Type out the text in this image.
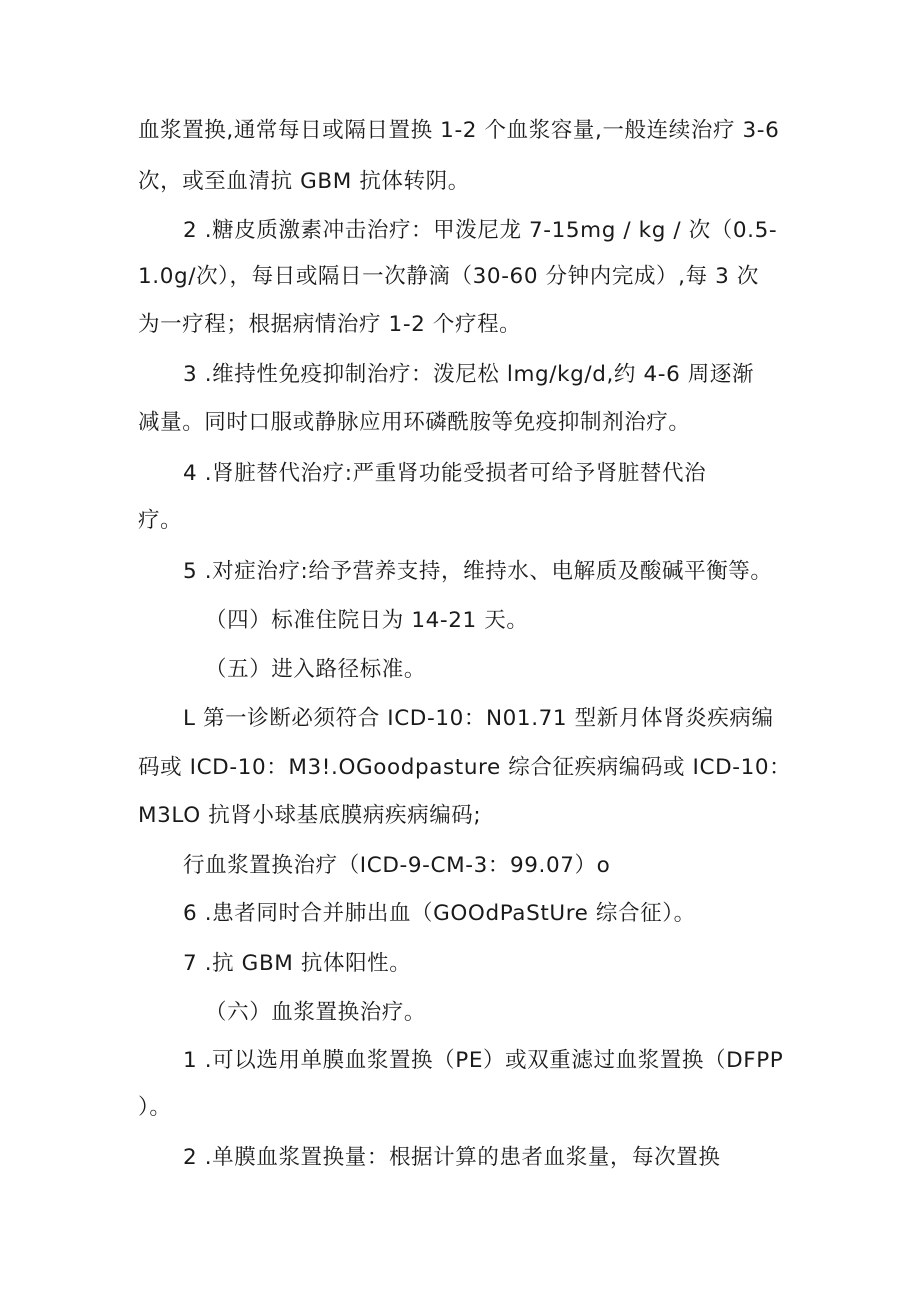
血浆置换,通常每日或隔日置换 1-2 个血浆容量,一般连续治疗 3-6
次，或至血清抗 GBM 抗体转阴。
2 .糖皮质激素冲击治疗：甲泼尼龙 7-15mg / kg / 次（0.5-
1.0g/次），每日或隔日一次静滴（30-60 分钟内完成）,每 3 次
为一疗程；根据病情治疗 1-2 个疗程。
3 .维持性免疫抑制治疗：泼尼松 lmg/kg/d,约 4-6 周逐渐
减量。同时口服或静脉应用环磷酰胺等免疫抑制剂治疗。
4 .肾脏替代治疗:严重肾功能受损者可给予肾脏替代治
疗。
5 .对症治疗:给予营养支持，维持水、电解质及酸碱平衡等。
（四）标准住院日为 14-21 天。
（五）进入路径标准。
L 第一诊断必须符合 ICD-10：N01.71 型新月体肾炎疾病编
码或 ICD-10：M3!.OGoodpasture 综合征疾病编码或 ICD-10：
M3LO 抗肾小球基底膜病疾病编码;
行血浆置换治疗（ICD-9-CM-3：99.07）o
6 .患者同时合并肺出血（GOOdPaStUre 综合征）。
7 .抗 GBM 抗体阳性。
（六）血浆置换治疗。
1 .可以选用单膜血浆置换（PE）或双重滤过血浆置换（DFPP
）。
2 .单膜血浆置换量：根据计算的患者血浆量，每次置换
